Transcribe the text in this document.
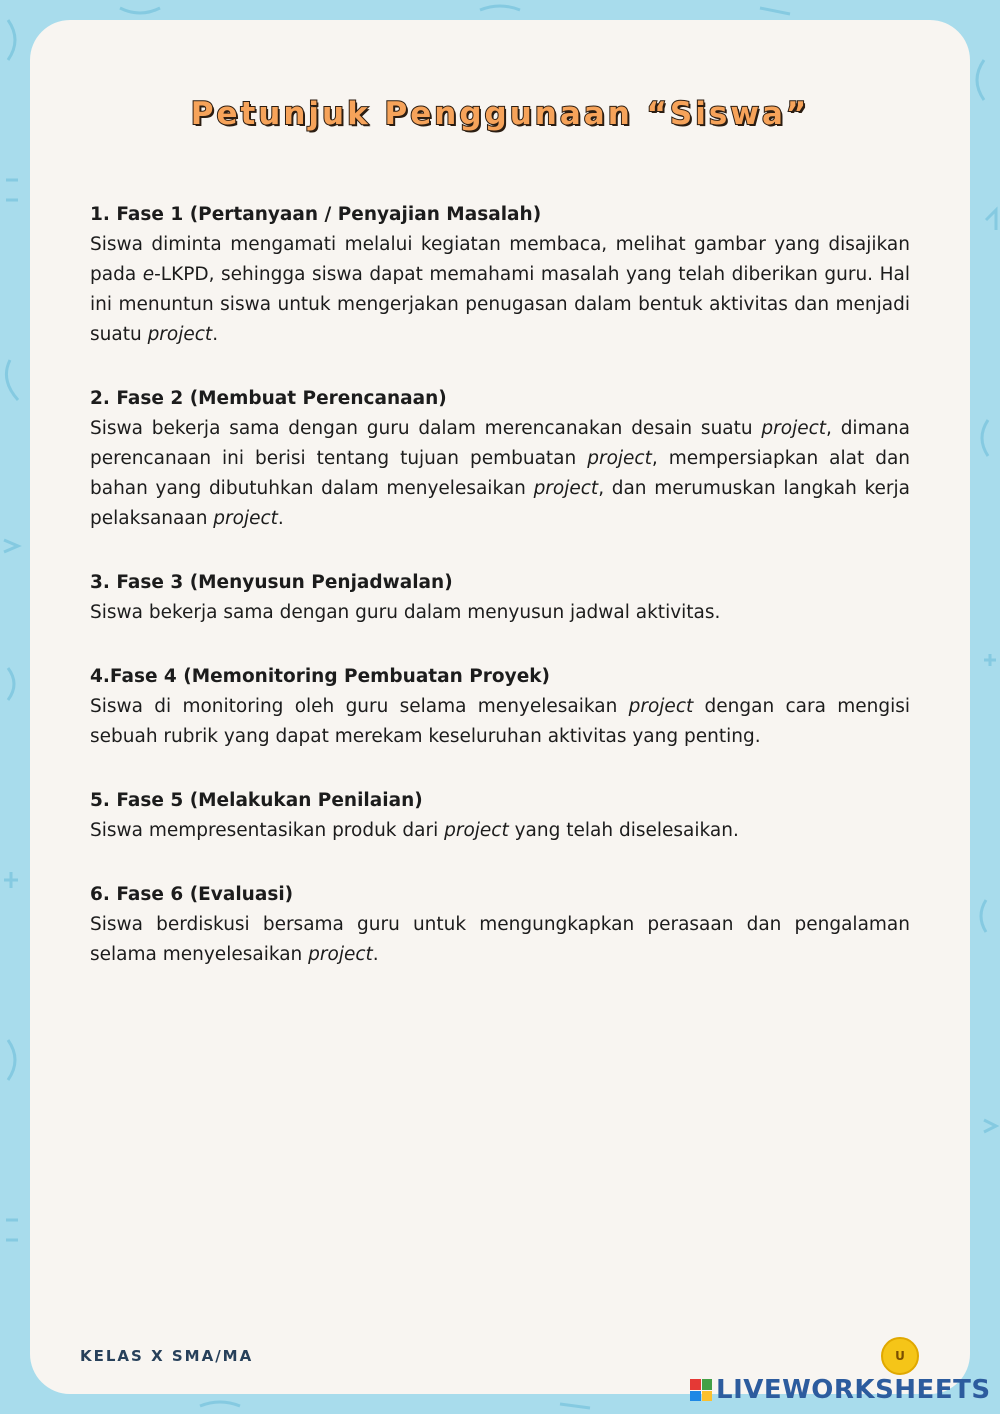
Petunjuk Penggunaan “Siswa”

1. Fase 1 (Pertanyaan / Penyajian Masalah)

Siswa diminta mengamati melalui kegiatan membaca, melihat gambar yang disajikan pada e-LKPD, sehingga siswa dapat memahami masalah yang telah diberikan guru. Hal ini menuntun siswa untuk mengerjakan penugasan dalam bentuk aktivitas dan menjadi suatu project.

2. Fase 2 (Membuat Perencanaan)

Siswa bekerja sama dengan guru dalam merencanakan desain suatu project, dimana perencanaan ini berisi tentang tujuan pembuatan project, mempersiapkan alat dan bahan yang dibutuhkan dalam menyelesaikan project, dan merumuskan langkah kerja pelaksanaan project.

3. Fase 3 (Menyusun Penjadwalan)

Siswa bekerja sama dengan guru dalam menyusun jadwal aktivitas.

4.Fase 4 (Memonitoring Pembuatan Proyek)

Siswa di monitoring oleh guru selama menyelesaikan project dengan cara mengisi sebuah rubrik yang dapat merekam keseluruhan aktivitas yang penting.

5. Fase 5 (Melakukan Penilaian)

Siswa mempresentasikan produk dari project yang telah diselesaikan.

6. Fase 6 (Evaluasi)

Siswa berdiskusi bersama guru untuk mengungkapkan perasaan dan pengalaman selama menyelesaikan project.

KELAS X SMA/MA	U
LIVEWORKSHEETS
